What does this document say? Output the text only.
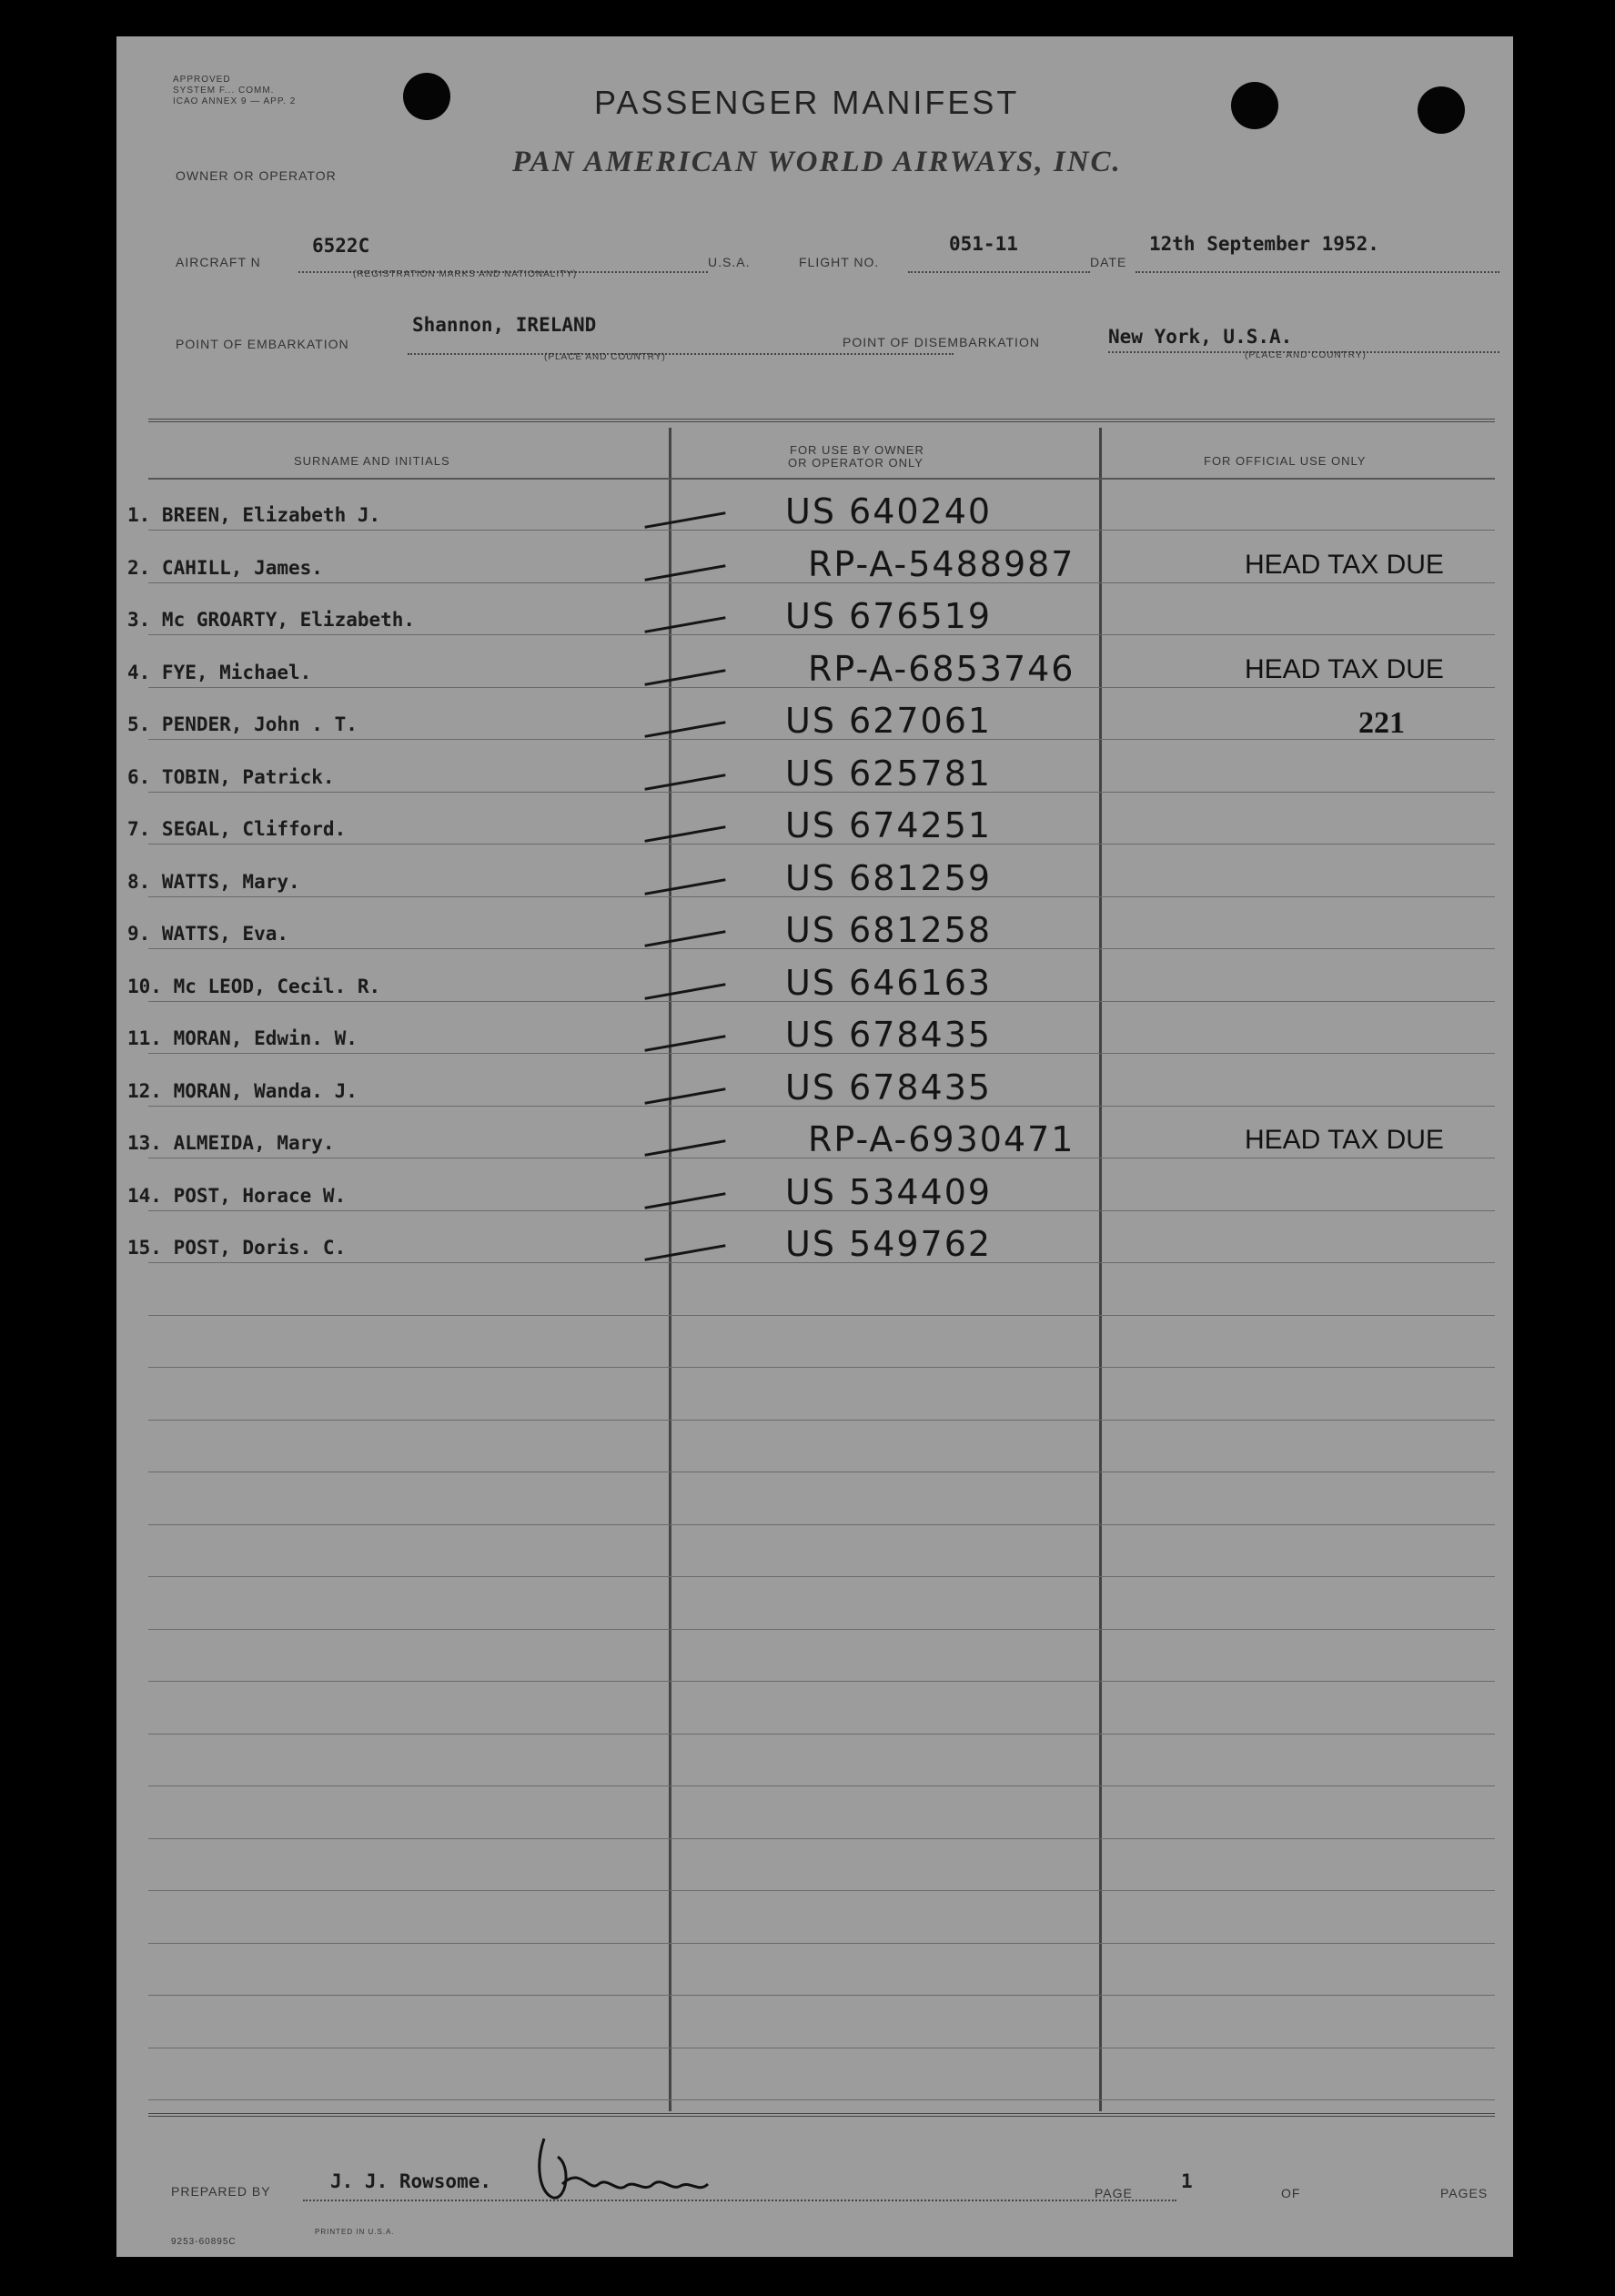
APPROVED
SYSTEM F... COMM.
ICAO ANNEX 9 — APP. 2	PASSENGER MANIFEST
OWNER OR OPERATOR	PAN AMERICAN WORLD AIRWAYS, INC.
AIRCRAFT N
6522C
(REGISTRATION MARKS AND NATIONALITY)
U.S.A.	FLIGHT NO.
051-11
DATE
12th September 1952.
POINT OF EMBARKATION
Shannon, IRELAND
(PLACE AND COUNTRY)
POINT OF DISEMBARKATION	New York, U.S.A.
(PLACE AND COUNTRY)
SURNAME AND INITIALS
FOR USE BY OWNER
OR OPERATOR ONLY	FOR OFFICIAL USE ONLY
1. BREEN, Elizabeth J.	US 640240
2. CAHILL, James.	RP-A-5488987	HEAD TAX DUE
3. Mc GROARTY, Elizabeth.	US 676519
4. FYE, Michael.	RP-A-6853746	HEAD TAX DUE
5. PENDER, John . T.	US 627061	221
6. TOBIN, Patrick.	US 625781
7. SEGAL, Clifford.	US 674251
8. WATTS, Mary.	US 681259
9. WATTS, Eva.	US 681258
10. Mc LEOD, Cecil. R.	US 646163
11. MORAN, Edwin. W.	US 678435
12. MORAN, Wanda. J.	US 678435
13. ALMEIDA, Mary.	RP-A-6930471	HEAD TAX DUE
14. POST, Horace W.	US 534409
15. POST, Doris. C.	US 549762
PREPARED BY	J. J. Rowsome.
PAGE
1
OF	PAGES
9253-60895C
PRINTED IN U.S.A.
